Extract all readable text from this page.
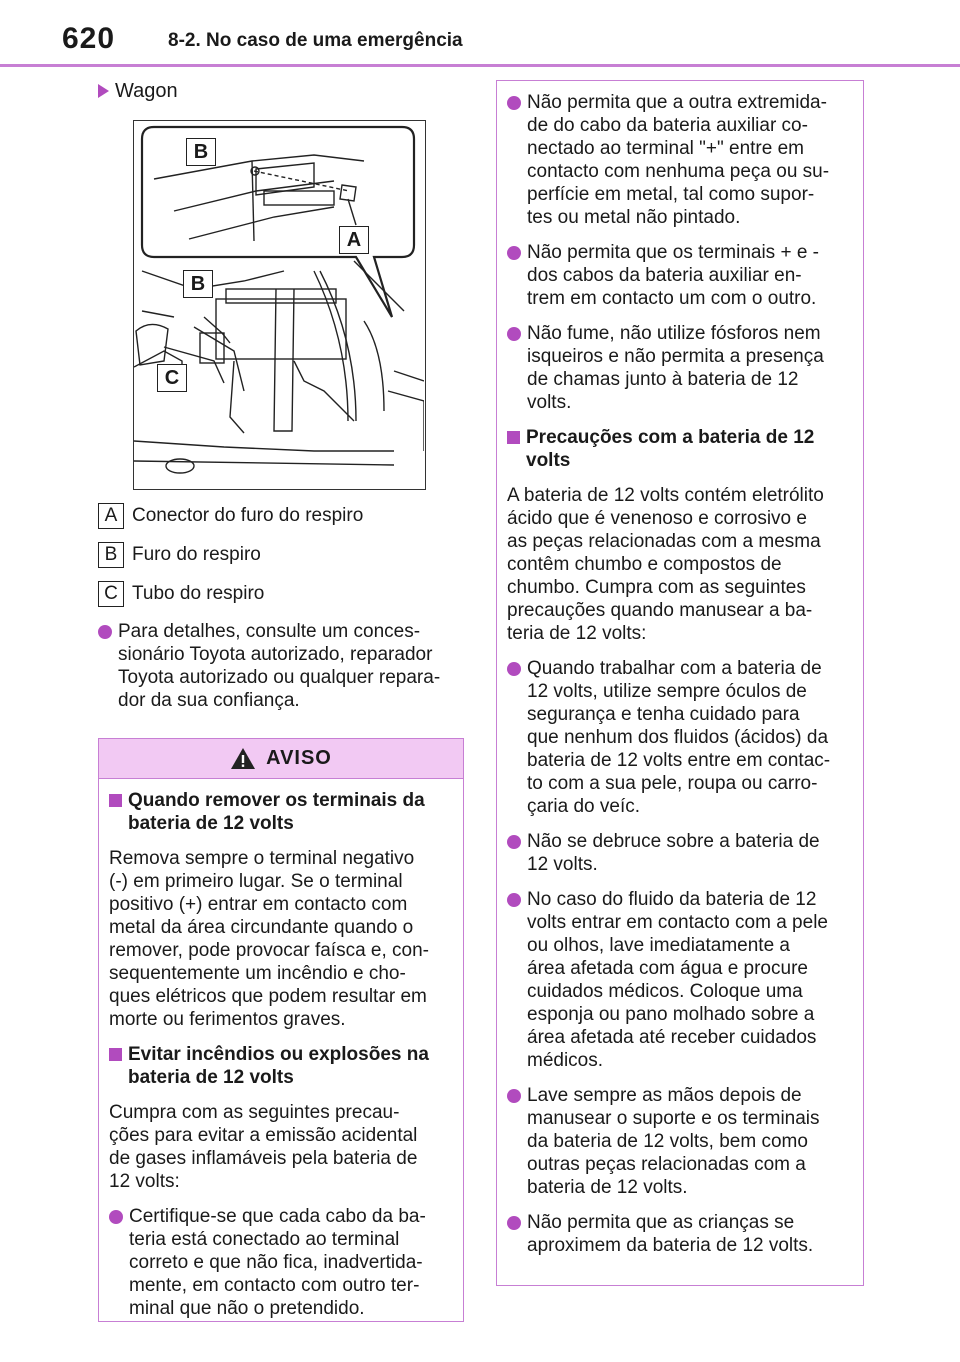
620	8-2. No caso de uma emergência
Wagon
B
A
B
C
A Conector do furo do respiro
B Furo do respiro
C Tubo do respiro
Para detalhes, consulte um conces-
sionário Toyota autorizado, reparador
Toyota autorizado ou qualquer repara-
dor da sua confiança.
AVISO
Quando remover os terminais da
bateria de 12 volts
Remova sempre o terminal negativo
(-) em primeiro lugar. Se o terminal
positivo (+) entrar em contacto com
metal da área circundante quando o
remover, pode provocar faísca e, con-
sequentemente um incêndio e cho-
ques elétricos que podem resultar em
morte ou ferimentos graves.
Evitar incêndios ou explosões na
bateria de 12 volts
Cumpra com as seguintes precau-
ções para evitar a emissão acidental
de gases inflamáveis pela bateria de
12 volts:
Certifique-se que cada cabo da ba-
teria está conectado ao terminal
correto e que não fica, inadvertida-
mente, em contacto com outro ter-
minal que não o pretendido.
Não permita que a outra extremida-
de do cabo da bateria auxiliar co-
nectado ao terminal "+" entre em
contacto com nenhuma peça ou su-
perfície em metal, tal como supor-
tes ou metal não pintado.
Não permita que os terminais + e -
dos cabos da bateria auxiliar en-
trem em contacto um com o outro.
Não fume, não utilize fósforos nem
isqueiros e não permita a presença
de chamas junto à bateria de 12
volts.
Precauções com a bateria de 12
volts
A bateria de 12 volts contém eletrólito
ácido que é venenoso e corrosivo e
as peças relacionadas com a mesma
contêm chumbo e compostos de
chumbo. Cumpra com as seguintes
precauções quando manusear a ba-
teria de 12 volts:
Quando trabalhar com a bateria de
12 volts, utilize sempre óculos de
segurança e tenha cuidado para
que nenhum dos fluidos (ácidos) da
bateria de 12 volts entre em contac-
to com a sua pele, roupa ou carro-
çaria do veíc.
Não se debruce sobre a bateria de
12 volts.
No caso do fluido da bateria de 12
volts entrar em contacto com a pele
ou olhos, lave imediatamente a
área afetada com água e procure
cuidados médicos. Coloque uma
esponja ou pano molhado sobre a
área afetada até receber cuidados
médicos.
Lave sempre as mãos depois de
manusear o suporte e os terminais
da bateria de 12 volts, bem como
outras peças relacionadas com a
bateria de 12 volts.
Não permita que as crianças se
aproximem da bateria de 12 volts.
